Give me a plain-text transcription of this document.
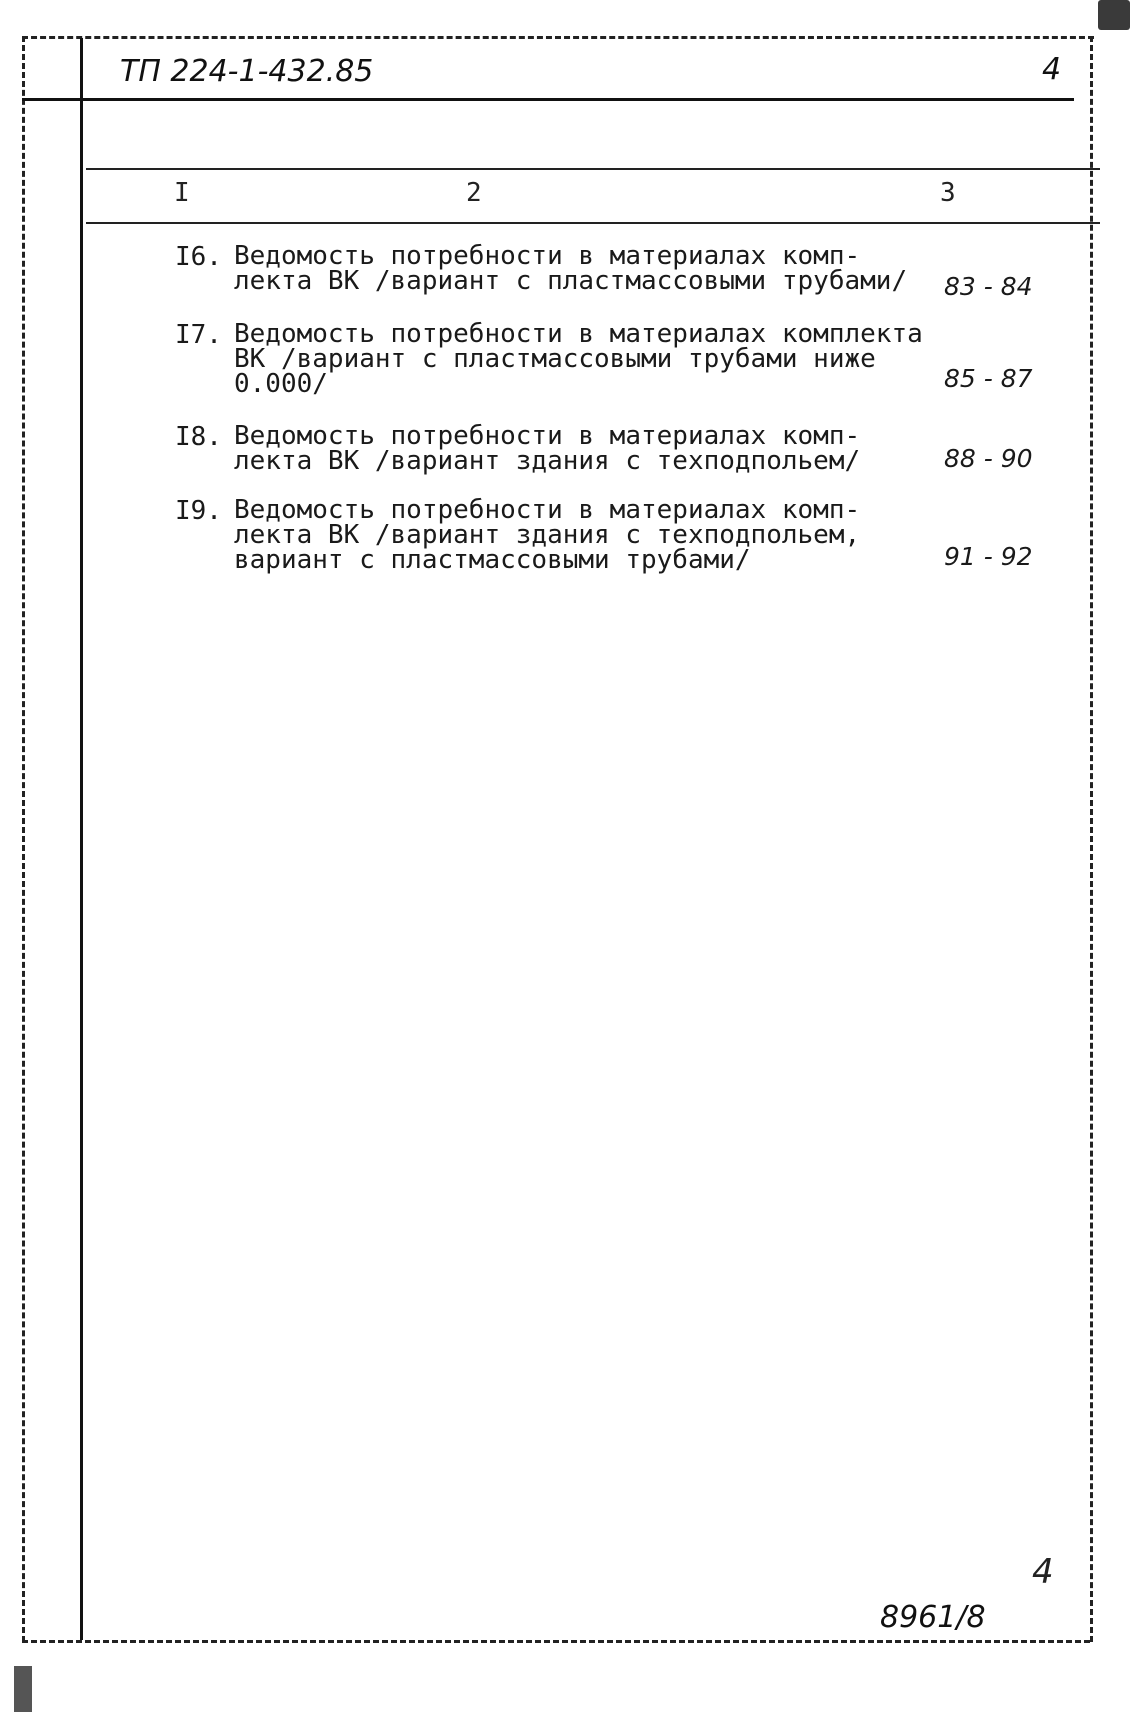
ТП 224-1-432.85	4
I	2	3
I6. Ведомость потребности в материалах комп-
лекта ВК /вариант с пластмассовыми трубами/	83 - 84
I7. Ведомость потребности в материалах комплекта
ВК /вариант с пластмассовыми трубами ниже
0.000/	85 - 87
I8. Ведомость потребности в материалах комп-
лекта ВК /вариант здания с техподпольем/	88 - 90
I9. Ведомость потребности в материалах комп-
лекта ВК /вариант здания с техподпольем,
вариант с пластмассовыми трубами/	91 - 92
4
8961/8
